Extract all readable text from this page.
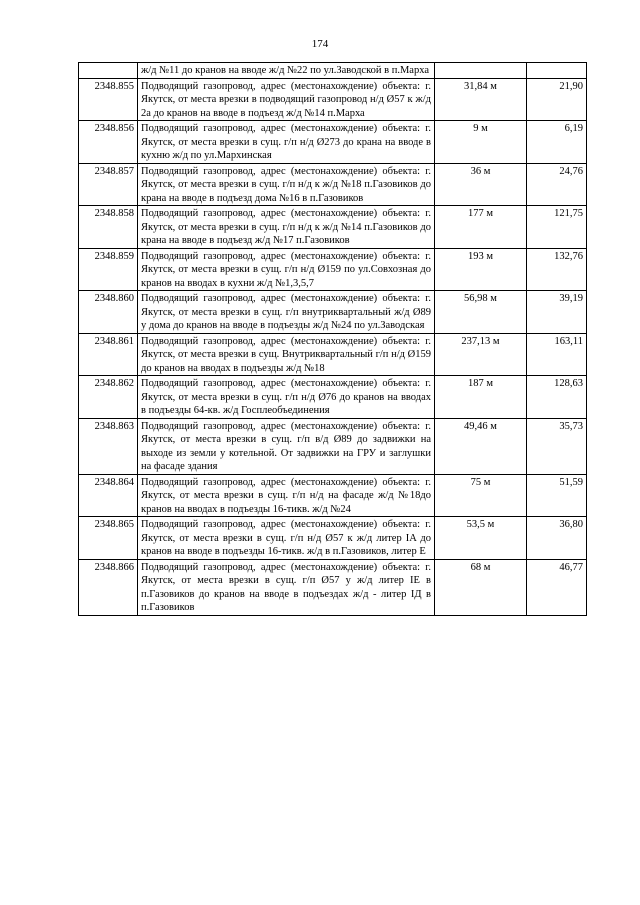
174
	ж/д №11 до кранов на вводе ж/д №22 по ул.Заводской в п.Марха		
2348.855	Подводящий газопровод, адрес (местонахождение) объекта: г. Якутск, от места врезки в подводящий газопровод н/д Ø57 к ж/д 2а до кранов на вводе в подъезд ж/д №14 п.Марха	31,84 м	21,90
2348.856	Подводящий газопровод, адрес (местонахождение) объекта: г. Якутск, от места врезки в сущ. г/п н/д Ø273 до крана на вводе в кухню ж/д по ул.Мархинская	9 м	6,19
2348.857	Подводящий газопровод, адрес (местонахождение) объекта: г. Якутск, от места врезки в сущ. г/п н/д к ж/д №18 п.Газовиков до крана на вводе в подъезд дома №16 в п.Газовиков	36 м	24,76
2348.858	Подводящий газопровод, адрес (местонахождение) объекта: г. Якутск, от места врезки в сущ. г/п н/д к ж/д №14 п.Газовиков до крана на вводе в подъезд ж/д №17 п.Газовиков	177 м	121,75
2348.859	Подводящий газопровод, адрес (местонахождение) объекта: г. Якутск, от места врезки в сущ. г/п н/д Ø159 по ул.Совхозная до кранов на вводах в кухни ж/д №1,3,5,7	193 м	132,76
2348.860	Подводящий газопровод, адрес (местонахождение) объекта: г. Якутск, от места врезки в сущ. г/п внутриквартальный ж/д Ø89 у дома до кранов на вводе в подъезды ж/д №24 по ул.Заводская	56,98 м	39,19
2348.861	Подводящий газопровод, адрес (местонахождение) объекта: г. Якутск, от места врезки в сущ. Внутриквартальный г/п н/д Ø159 до кранов на вводах в подъезды ж/д №18	237,13 м	163,11
2348.862	Подводящий газопровод, адрес (местонахождение) объекта: г. Якутск, от места врезки в сущ. г/п н/д Ø76 до кранов на вводах в подъезды 64-кв. ж/д Госплеобъединения	187 м	128,63
2348.863	Подводящий газопровод, адрес (местонахождение) объекта: г. Якутск, от места врезки в сущ. г/п в/д Ø89 до задвижки на выходе из земли у котельной. От задвижки на ГРУ и заглушки на фасаде здания	49,46 м	35,73
2348.864	Подводящий газопровод, адрес (местонахождение) объекта: г. Якутск, от места врезки в сущ. г/п н/д на фасаде ж/д №18до кранов на вводах в подъезды 16-тикв. ж/д №24	75 м	51,59
2348.865	Подводящий газопровод, адрес (местонахождение) объекта: г. Якутск, от места врезки в сущ. г/п н/д Ø57 к ж/д литер IA до кранов на вводе в подъезды 16-тикв. ж/д в п.Газовиков, литер Е	53,5 м	36,80
2348.866	Подводящий газопровод, адрес (местонахождение) объекта: г. Якутск, от места врезки в сущ. г/п Ø57 у ж/д литер IE в п.Газовиков до кранов на вводе в подъездах ж/д - литер IД в п.Газовиков	68 м	46,77
